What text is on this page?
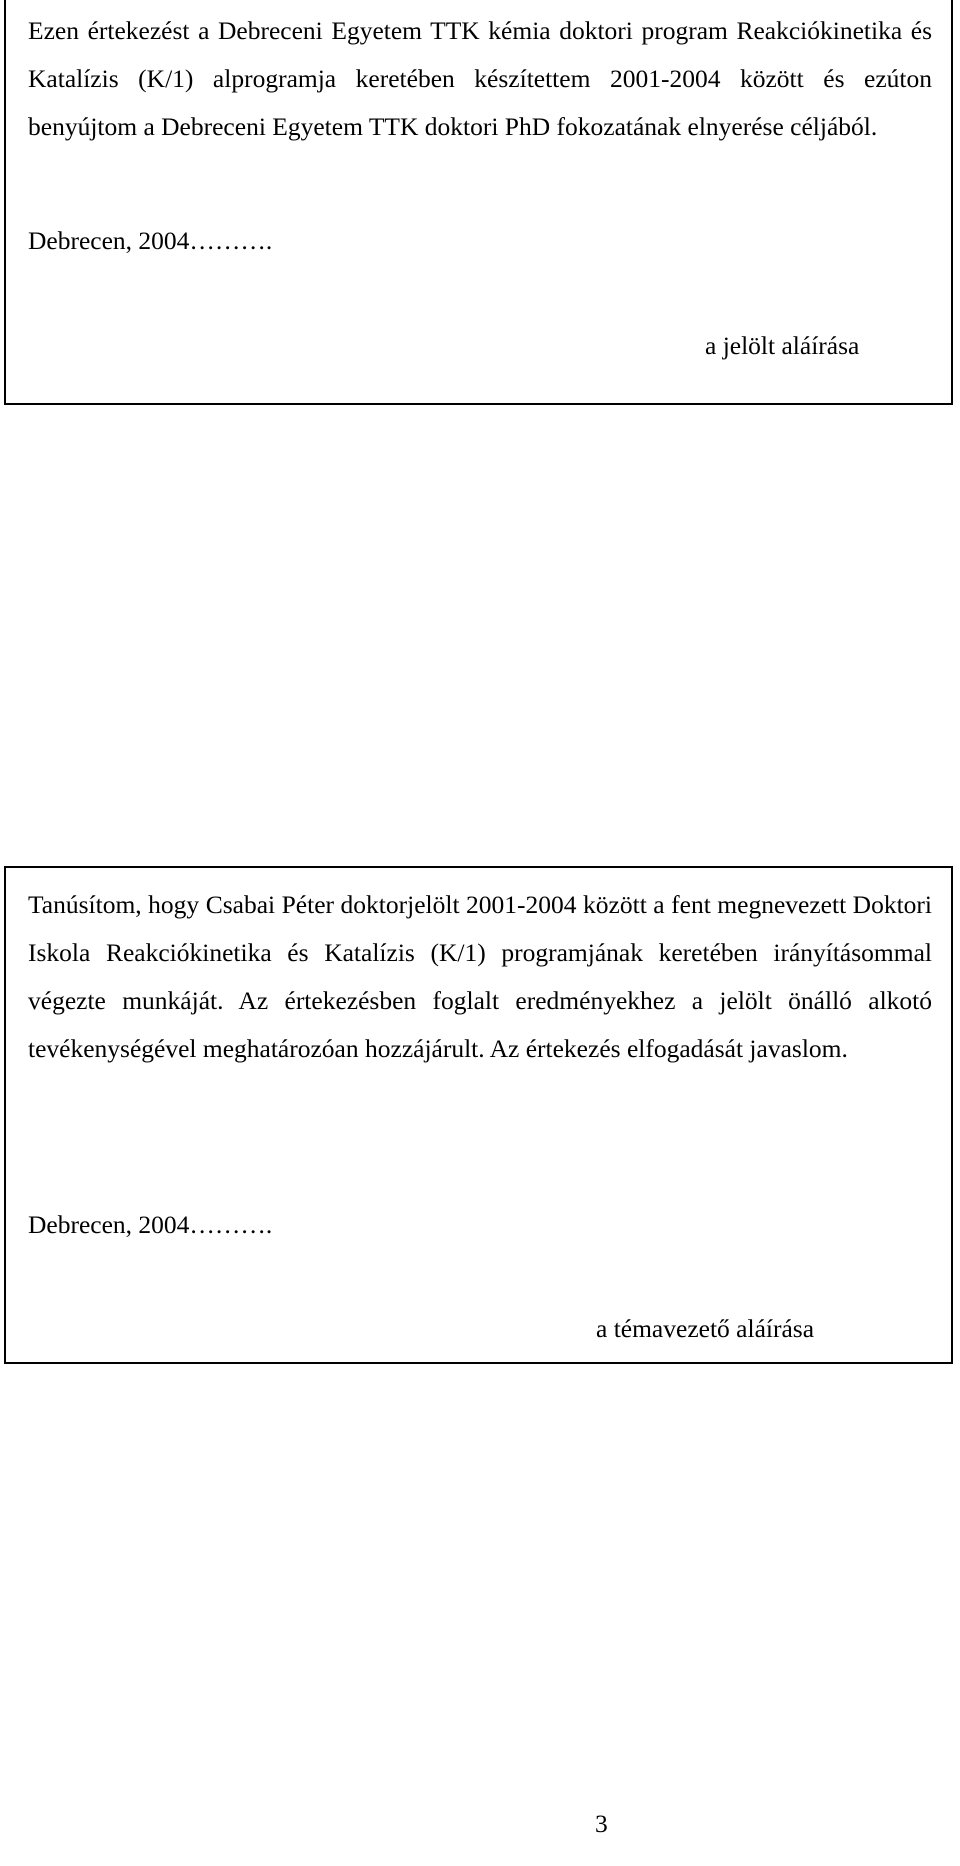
Ezen értekezést a Debreceni Egyetem TTK kémia doktori program Reakciókinetika és Katalízis (K/1) alprogramja keretében készítettem 2001-2004 között és ezúton benyújtom a Debreceni Egyetem TTK doktori PhD fokozatának elnyerése céljából.

Debrecen, 2004……….
a jelölt aláírása

Tanúsítom, hogy Csabai Péter doktorjelölt 2001-2004 között a fent megnevezett Doktori Iskola Reakciókinetika és Katalízis (K/1) programjának keretében irányításommal végezte munkáját. Az értekezésben foglalt eredményekhez a jelölt önálló alkotó tevékenységével meghatározóan hozzájárult. Az értekezés elfogadását javaslom.

Debrecen, 2004……….
a témavezető aláírása
3
